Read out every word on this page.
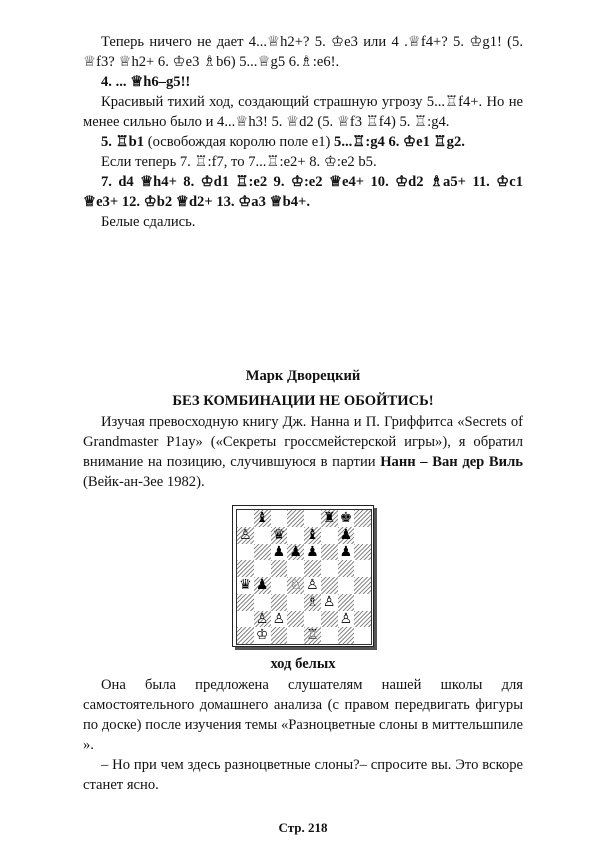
Теперь ничего не дает 4...♕h2+? 5. ♔e3 или 4 .♕f4+? 5. ♔g1! (5. ♕f3? ♕h2+ 6. ♔e3 ♗b6) 5...♕g5 6.♗:e6!.

4. ... ♕h6–g5!!

Красивый тихий ход, создающий страшную угрозу 5...♖f4+. Но не менее сильно было и 4...♕h3! 5. ♕d2 (5. ♕f3 ♖f4) 5. ♖:g4.

5. ♖b1 (освобождая королю поле e1) 5...♖:g4 6. ♔e1 ♖g2.

Если теперь 7. ♖:f7, то 7...♖:e2+ 8. ♔:e2 b5.

7. d4 ♕h4+ 8. ♔d1 ♖:e2 9. ♔:e2 ♕e4+ 10. ♔d2 ♗a5+ 11. ♔c1 ♕e3+ 12. ♔b2 ♕d2+ 13. ♔a3 ♕b4+.

Белые сдались.

Марк Дворецкий
БЕЗ КОМБИНАЦИИ НЕ ОБОЙТИСЬ!

Изучая превосходную книгу Дж. Нанна и П. Гриффитса «Secrets of Grandmaster P1ay» («Секреты гроссмейстерской игры»), я обратил внимание на позицию, случившуюся в партии Нанн – Ван дер Виль (Вейк-ан-Зее 1982).

♝	♜ ♚
♙ ♛ ♝ ♟
♟ ♟ ♟ ♟
♛ ♟ ♘ ♙
♗ ♙
♙ ♙	♙
♔	♖
ход белых

Она была предложена слушателям нашей школы для самостоятельного домашнего анализа (с правом передвигать фигуры по доске) после изучения темы «Разноцветные слоны в миттельшпиле ».

– Но при чем здесь разноцветные слоны?– спросите вы. Это вскоре станет ясно.

Стр. 218
